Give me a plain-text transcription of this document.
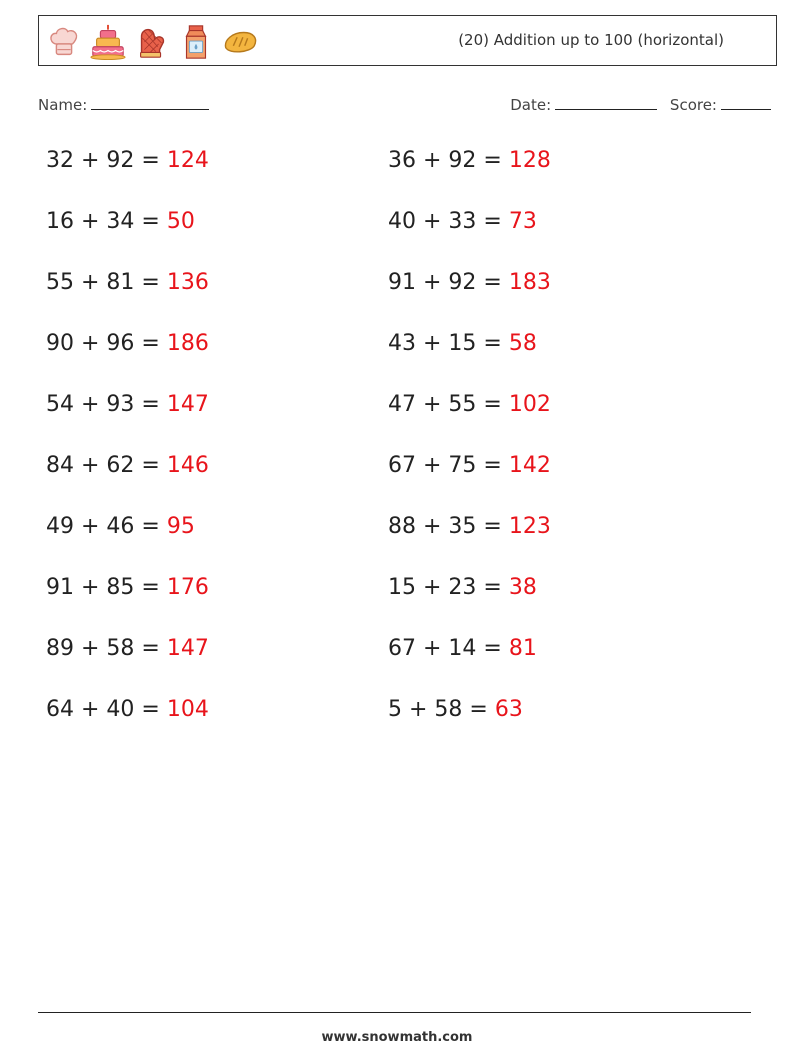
(20) Addition up to 100 (horizontal)
Name:	Date:	Score:
32 + 92 = 124	36 + 92 = 128
16 + 34 = 50	40 + 33 = 73
55 + 81 = 136	91 + 92 = 183
90 + 96 = 186	43 + 15 = 58
54 + 93 = 147	47 + 55 = 102
84 + 62 = 146	67 + 75 = 142
49 + 46 = 95	88 + 35 = 123
91 + 85 = 176	15 + 23 = 38
89 + 58 = 147	67 + 14 = 81
64 + 40 = 104	5 + 58 = 63
www.snowmath.com
